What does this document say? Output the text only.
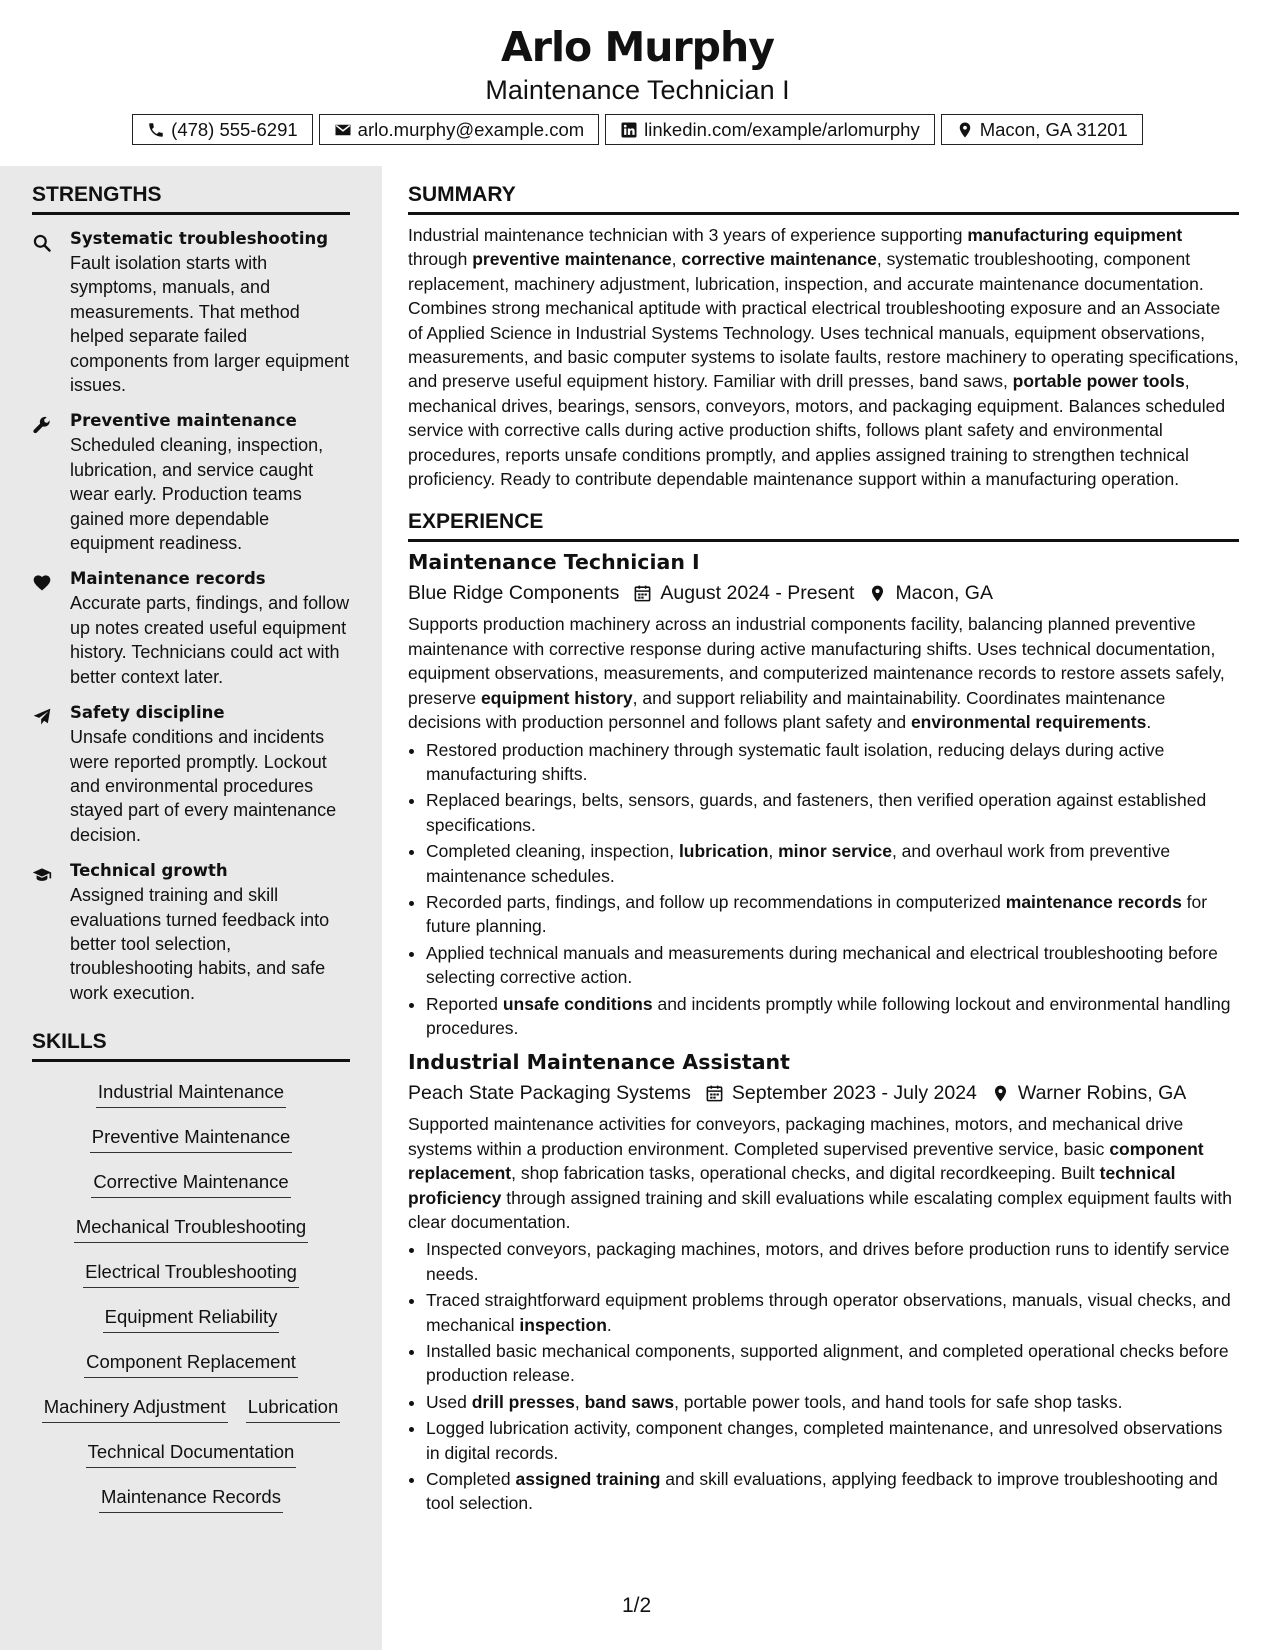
Arlo Murphy
Maintenance Technician I
(478) 555-6291	arlo.murphy@example.com	linkedin.com/example/arlomurphy	Macon, GA 31201
STRENGTHS
Systematic troubleshooting
Fault isolation starts with symptoms, manuals, and measurements. That method helped separate failed components from larger equipment issues.
Preventive maintenance
Scheduled cleaning, inspection, lubrication, and service caught wear early. Production teams gained more dependable equipment readiness.
Maintenance records
Accurate parts, findings, and follow up notes created useful equipment history. Technicians could act with better context later.
Safety discipline
Unsafe conditions and incidents were reported promptly. Lockout and environmental procedures stayed part of every maintenance decision.
Technical growth
Assigned training and skill evaluations turned feedback into better tool selection, troubleshooting habits, and safe work execution.
SKILLS
Industrial Maintenance
Preventive Maintenance
Corrective Maintenance
Mechanical Troubleshooting
Electrical Troubleshooting
Equipment Reliability
Component Replacement
Machinery Adjustment Lubrication
Technical Documentation
Maintenance Records
SUMMARY

Industrial maintenance technician with 3 years of experience supporting manufacturing equipment through preventive maintenance, corrective maintenance, systematic troubleshooting, component replacement, machinery adjustment, lubrication, inspection, and accurate maintenance documentation. Combines strong mechanical aptitude with practical electrical troubleshooting exposure and an Associate of Applied Science in Industrial Systems Technology. Uses technical manuals, equipment observations, measurements, and basic computer systems to isolate faults, restore machinery to operating specifications, and preserve useful equipment history. Familiar with drill presses, band saws, portable power tools, mechanical drives, bearings, sensors, conveyors, motors, and packaging equipment. Balances scheduled service with corrective calls during active production shifts, follows plant safety and environmental procedures, reports unsafe conditions promptly, and applies assigned training to strengthen technical proficiency. Ready to contribute dependable maintenance support within a manufacturing operation.

EXPERIENCE
Maintenance Technician I
Blue Ridge Components August 2024 - Present Macon, GA

Supports production machinery across an industrial components facility, balancing planned preventive maintenance with corrective response during active manufacturing shifts. Uses technical documentation, equipment observations, measurements, and computerized maintenance records to restore assets safely, preserve equipment history, and support reliability and maintainability. Coordinates maintenance decisions with production personnel and follows plant safety and environmental requirements.

• Restored production machinery through systematic fault isolation, reducing delays during active manufacturing shifts.
• Replaced bearings, belts, sensors, guards, and fasteners, then verified operation against established specifications.
• Completed cleaning, inspection, lubrication, minor service, and overhaul work from preventive maintenance schedules.
• Recorded parts, findings, and follow up recommendations in computerized maintenance records for future planning.
• Applied technical manuals and measurements during mechanical and electrical troubleshooting before selecting corrective action.
• Reported unsafe conditions and incidents promptly while following lockout and environmental handling procedures.
Industrial Maintenance Assistant
Peach State Packaging Systems September 2023 - July 2024 Warner Robins, GA

Supported maintenance activities for conveyors, packaging machines, motors, and mechanical drive systems within a production environment. Completed supervised preventive service, basic component replacement, shop fabrication tasks, operational checks, and digital recordkeeping. Built technical proficiency through assigned training and skill evaluations while escalating complex equipment faults with clear documentation.

• Inspected conveyors, packaging machines, motors, and drives before production runs to identify service needs.
• Traced straightforward equipment problems through operator observations, manuals, visual checks, and mechanical inspection.
• Installed basic mechanical components, supported alignment, and completed operational checks before production release.
• Used drill presses, band saws, portable power tools, and hand tools for safe shop tasks.
• Logged lubrication activity, component changes, completed maintenance, and unresolved observations in digital records.
• Completed assigned training and skill evaluations, applying feedback to improve troubleshooting and tool selection.
1/2
